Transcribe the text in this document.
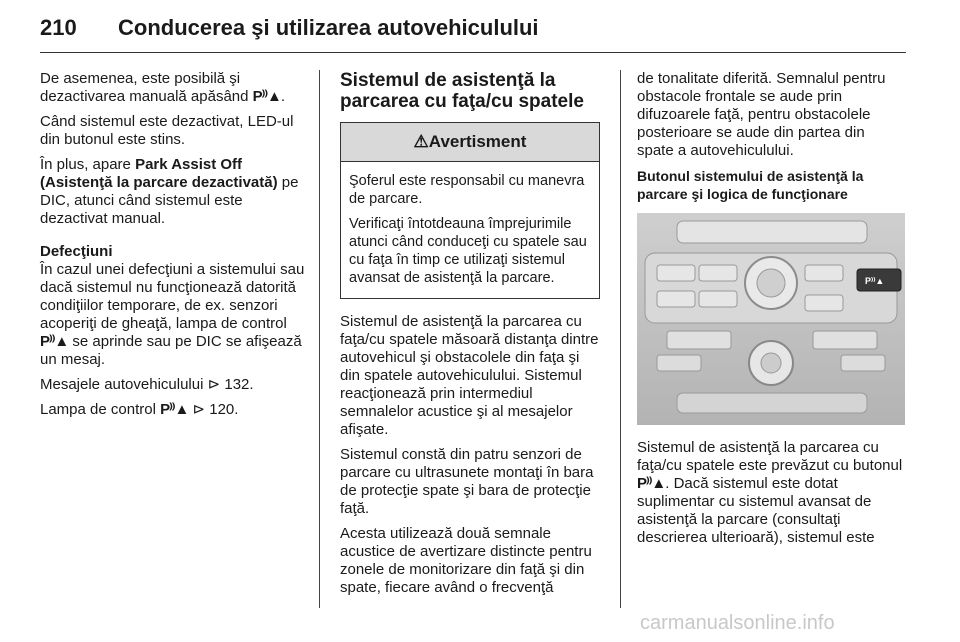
210 Conducerea şi utilizarea autovehiculului

De asemenea, este posibilă şi dezactivarea manuală apăsând P⁾⁾▲.

Când sistemul este dezactivat, LED-ul din butonul este stins.

În plus, apare Park Assist Off (Asistenţă la parcare dezactivată) pe DIC, atunci când sistemul este dezactivat manual.

Defecţiuni
În cazul unei defecţiuni a sistemului sau dacă sistemul nu funcţionează datorită condiţiilor temporare, de ex. senzori acoperiţi de gheaţă, lampa de control P⁾⁾▲ se aprinde sau pe DIC se afişează un mesaj.

Mesajele autovehiculului ⊳ 132.

Lampa de control P⁾⁾▲ ⊳ 120.

Sistemul de asistenţă la parcarea cu faţa/cu spatele
⚠Avertisment

Şoferul este responsabil cu manevra de parcare.

Verificaţi întotdeauna împrejurimile atunci când conduceţi cu spatele sau cu faţa în timp ce utilizaţi sistemul avansat de asistenţă la parcare.

Sistemul de asistenţă la parcarea cu faţa/cu spatele măsoară distanţa dintre autovehicul şi obstacolele din faţa şi din spatele autovehiculului. Sistemul reacţionează prin intermediul semnalelor acustice şi al mesajelor afişate.

Sistemul constă din patru senzori de parcare cu ultrasunete montaţi în bara de protecţie spate şi bara de protecţie faţă.

Acesta utilizează două semnale acustice de avertizare distincte pentru zonele de monitorizare din faţă şi din spate, fiecare având o frecvenţă

de tonalitate diferită. Semnalul pentru obstacole frontale se aude prin difuzoarele faţă, pentru obstacolele posterioare se aude din partea din spate a autovehiculului.

Butonul sistemului de asistenţă la parcare şi logica de funcţionare

P⁾⁾▲

Sistemul de asistenţă la parcarea cu faţa/cu spatele este prevăzut cu butonul P⁾⁾▲. Dacă sistemul este dotat suplimentar cu sistemul avansat de asistenţă la parcare (consultaţi descrierea ulterioară), sistemul este

carmanualsonline.info
